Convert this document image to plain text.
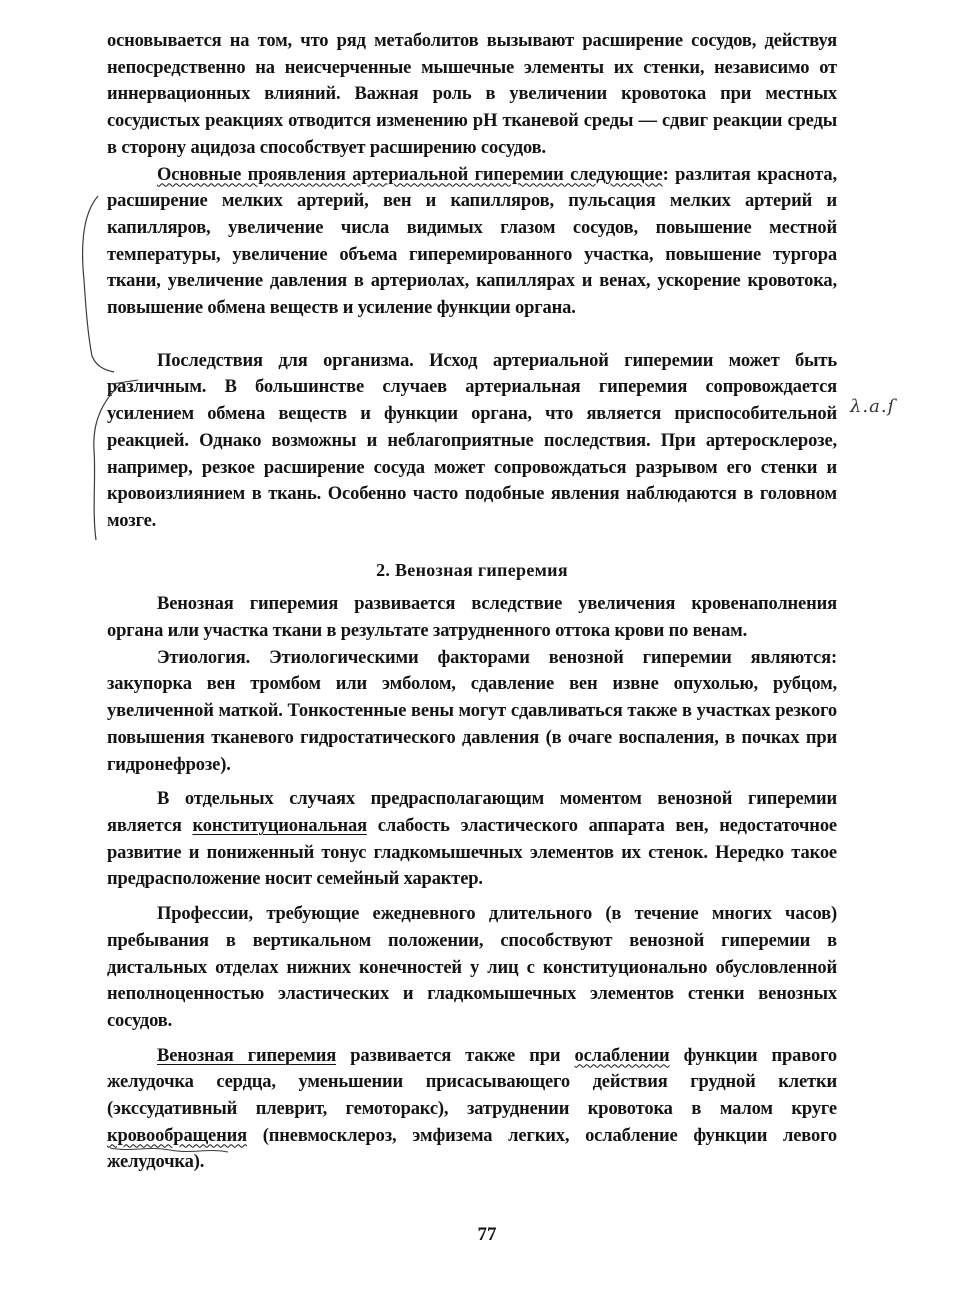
основывается на том, что ряд метаболитов вызывают расширение сосудов, действуя непосредственно на неисчерченные мышечные элементы их стенки, независимо от иннервационных влияний. Важная роль в увеличении кровотока при местных сосудистых реакциях отводится изменению рН тканевой среды — сдвиг реакции среды в сторону ацидоза способствует расширению сосудов.

Основные проявления артериальной гиперемии следующие: разлитая краснота, расширение мелких артерий, вен и капилляров, пульсация мелких артерий и капилляров, увеличение числа видимых глазом сосудов, повышение местной температуры, увеличение объема гиперемированного участка, повышение тургора ткани, увеличение давления в артериолах, капиллярах и венах, ускорение кровотока, повышение обмена веществ и усиление функции органа.

Последствия для организма. Исход артериальной гиперемии может быть различным. В большинстве случаев артериальная гиперемия сопровождается усилением обмена веществ и функции органа, что является приспособительной реакцией. Однако возможны и неблагоприятные последствия. При артеросклерозе, например, резкое расширение сосуда может сопровождаться разрывом его стенки и кровоизлиянием в ткань. Особенно часто подобные явления наблюдаются в головном мозге.

2. Венозная гиперемия

Венозная гиперемия развивается вследствие увеличения кровенаполнения органа или участка ткани в результате затрудненного оттока крови по венам.

Этиология. Этиологическими факторами венозной гиперемии являются: закупорка вен тромбом или эмболом, сдавление вен извне опухолью, рубцом, увеличенной маткой. Тонкостенные вены могут сдавливаться также в участках резкого повышения тканевого гидростатического давления (в очаге воспаления, в почках при гидронефрозе).

В отдельных случаях предрасполагающим моментом венозной гиперемии является конституциональная слабость эластического аппарата вен, недостаточное развитие и пониженный тонус гладкомышечных элементов их стенок. Нередко такое предрасположение носит семейный характер.

Профессии, требующие ежедневного длительного (в течение многих часов) пребывания в вертикальном положении, способствуют венозной гиперемии в дистальных отделах нижних конечностей у лиц с конституционально обусловленной неполноценностью эластических и гладкомышечных элементов стенки венозных сосудов.

Венозная гиперемия развивается также при ослаблении функции правого желудочка сердца, уменьшении присасывающего действия грудной клетки (экссудативный плеврит, гемоторакс), затруднении кровотока в малом круге кровообращения (пневмосклероз, эмфизема легких, ослабление функции левого желудочка).

λ.а.ſ
77
